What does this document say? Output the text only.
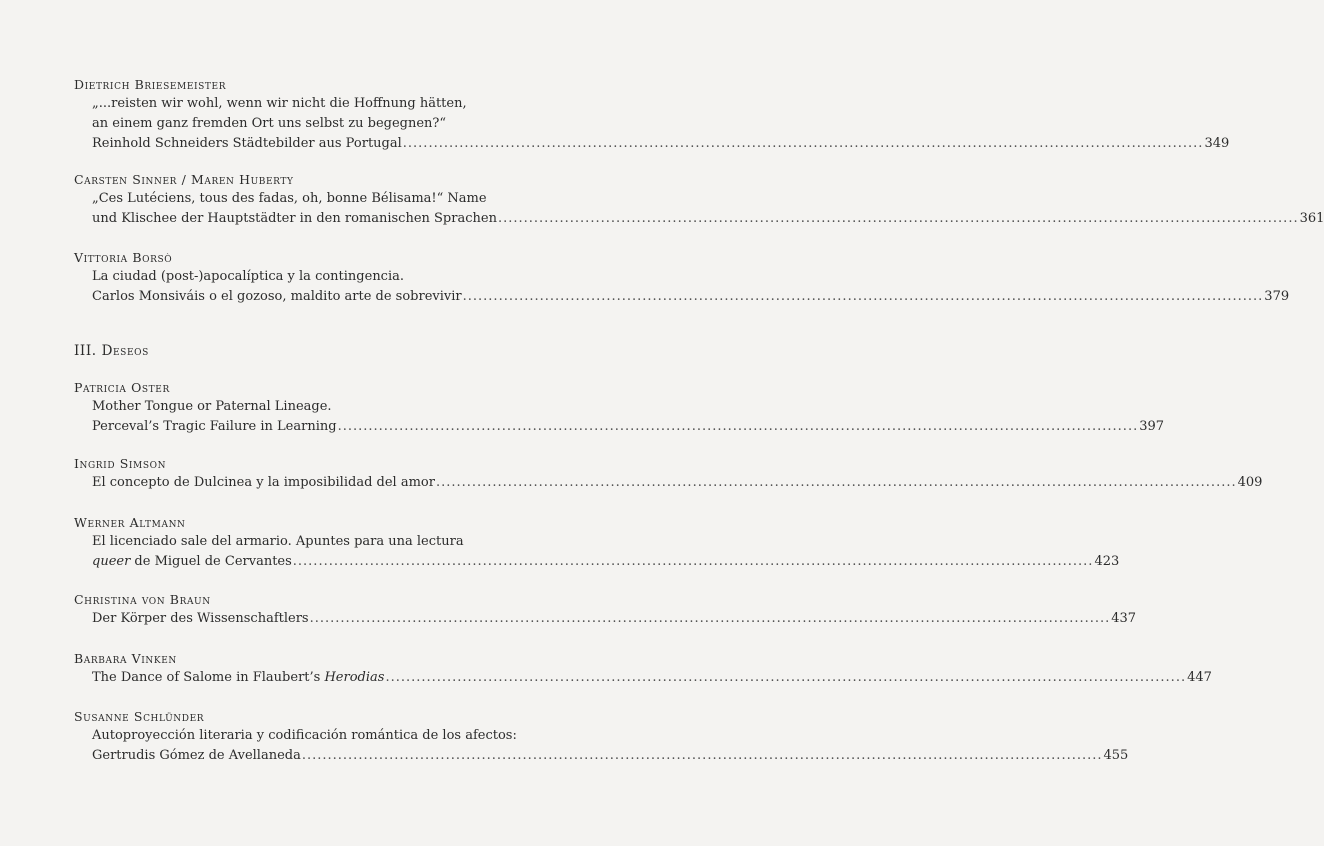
Dietrich Briesemeister
„...reisten wir wohl, wenn wir nicht die Hoffnung hätten,
an einem ganz fremden Ort uns selbst zu begegnen?“
Reinhold Schneiders Städtebilder aus Portugal ............................................................................................................................................................ 349
Carsten Sinner / Maren Huberty
„Ces Lutéciens, tous des fadas, oh, bonne Bélisama!“ Name
und Klischee der Hauptstädter in den romanischen Sprachen ............................................................................................................................................................ 361
Vittoria Borsò
La ciudad (post-)apocalíptica y la contingencia.
Carlos Monsiváis o el gozoso, maldito arte de sobrevivir ............................................................................................................................................................ 379
III. Deseos
Patricia Oster
Mother Tongue or Paternal Lineage.
Perceval’s Tragic Failure in Learning ............................................................................................................................................................ 397
Ingrid Simson
El concepto de Dulcinea y la imposibilidad del amor ............................................................................................................................................................ 409
Werner Altmann
El licenciado sale del armario. Apuntes para una lectura
queer de Miguel de Cervantes ............................................................................................................................................................ 423
Christina von Braun
Der Körper des Wissenschaftlers ............................................................................................................................................................ 437
Barbara Vinken
The Dance of Salome in Flaubert’s Herodias ............................................................................................................................................................ 447
Susanne Schlünder
Autoproyección literaria y codificación romántica de los afectos:
Gertrudis Gómez de Avellaneda ............................................................................................................................................................ 455
